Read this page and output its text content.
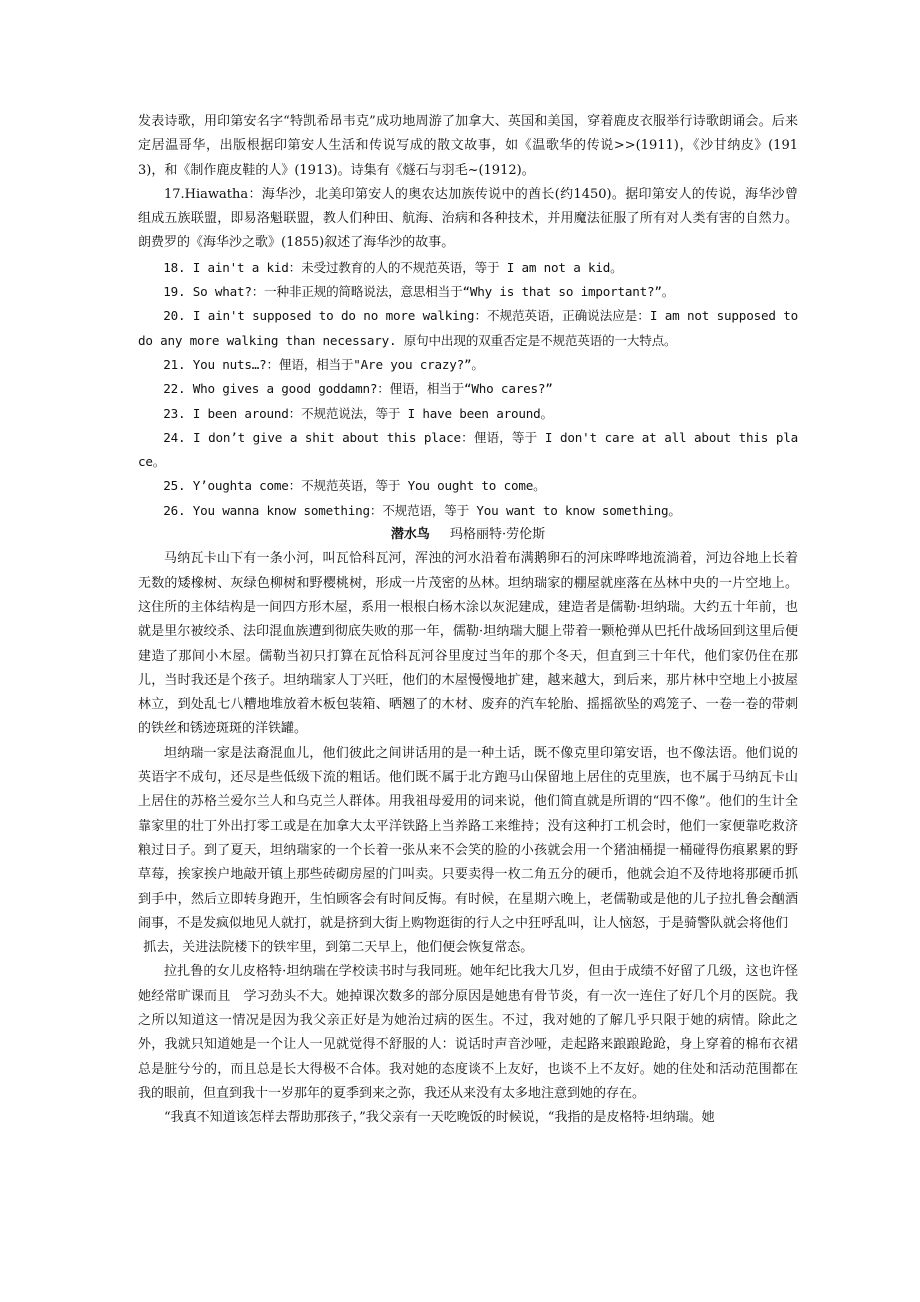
发表诗歌，用印第安名字“特凯希昂韦克”成功地周游了加拿大、英国和美国，穿着鹿皮衣服举行诗歌朗诵会。后来定居温哥华，出版根据印第安人生活和传说写成的散文故事，如《温歌华的传说>>(1911)，《沙甘纳皮》(1913)，和《制作鹿皮鞋的人》(1913)。诗集有《燧石与羽毛~(1912)。

17.Hiawatha：海华沙，北美印第安人的奥农达加族传说中的酋长(约1450)。据印第安人的传说，海华沙曾组成五族联盟，即易洛魁联盟，教人们种田、航海、治病和各种技术，并用魔法征服了所有对人类有害的自然力。朗费罗的《海华沙之歌》(1855)叙述了海华沙的故事。

18. I ain't a kid：未受过教育的人的不规范英语，等于 I am not a kid。

19. So what?：一种非正规的简略说法，意思相当于“Why is that so important?”。

20. I ain't supposed to do no more walking：不规范英语，正确说法应是：I am not supposed to do any more walking than necessary. 原句中出现的双重否定是不规范英语的一大特点。

21. You nuts…?：俚语，相当于"Are you crazy?”。

22. Who gives a good goddamn?：俚语，相当于“Who cares?”

23. I been around：不规范说法，等于 I have been around。

24. I don’t give a shit about this place：俚语，等于 I don't care at all about this place。

25. Y’oughta come：不规范英语，等于 You ought to come。

26. You wanna know something：不规范语，等于 You want to know something。

潜水鸟 玛格丽特·劳伦斯

马纳瓦卡山下有一条小河，叫瓦恰科瓦河，浑浊的河水沿着布满鹅卵石的河床哗哗地流淌着，河边谷地上长着无数的矮橡树、灰绿色柳树和野樱桃树，形成一片茂密的丛林。坦纳瑞家的棚屋就座落在丛林中央的一片空地上。这住所的主体结构是一间四方形木屋，系用一根根白杨木涂以灰泥建成，建造者是儒勒·坦纳瑞。大约五十年前，也就是里尔被绞杀、法印混血族遭到彻底失败的那一年，儒勒·坦纳瑞大腿上带着一颗枪弹从巴托什战场回到这里后便建造了那间小木屋。儒勒当初只打算在瓦恰科瓦河谷里度过当年的那个冬天，但直到三十年代，他们家仍住在那儿，当时我还是个孩子。坦纳瑞家人丁兴旺，他们的木屋慢慢地扩建，越来越大，到后来，那片林中空地上小披屋林立，到处乱七八糟地堆放着木板包装箱、晒翘了的木材、废弃的汽车轮胎、摇摇欲坠的鸡笼子、一卷一卷的带刺的铁丝和锈迹斑斑的洋铁罐。

坦纳瑞一家是法裔混血儿，他们彼此之间讲话用的是一种土话，既不像克里印第安语，也不像法语。他们说的英语字不成句，还尽是些低级下流的粗话。他们既不属于北方跑马山保留地上居住的克里族，也不属于马纳瓦卡山上居住的苏格兰爱尔兰人和乌克兰人群体。用我祖母爱用的词来说，他们简直就是所谓的“四不像”。他们的生计全靠家里的壮丁外出打零工或是在加拿大太平洋铁路上当养路工来维持；没有这种打工机会时，他们一家便靠吃救济粮过日子。到了夏天，坦纳瑞家的一个长着一张从来不会笑的脸的小孩就会用一个猪油桶提一桶碰得伤痕累累的野草莓，挨家挨户地敲开镇上那些砖砌房屋的门叫卖。只要卖得一枚二角五分的硬币，他就会迫不及待地将那硬币抓到手中，然后立即转身跑开，生怕顾客会有时间反悔。有时候，在星期六晚上，老儒勒或是他的儿子拉扎鲁会酗酒闹事，不是发疯似地见人就打，就是挤到大街上购物逛街的行人之中狂呼乱叫，让人恼怒，于是骑警队就会将他们

抓去，关进法院楼下的铁牢里，到第二天早上，他们便会恢复常态。

拉扎鲁的女儿皮格特·坦纳瑞在学校读书时与我同班。她年纪比我大几岁，但由于成绩不好留了几级，这也许怪她经常旷课而且　学习劲头不大。她掉课次数多的部分原因是她患有骨节炎，有一次一连住了好几个月的医院。我之所以知道这一情况是因为我父亲正好是为她治过病的医生。不过，我对她的了解几乎只限于她的病情。除此之外，我就只知道她是一个让人一见就觉得不舒服的人：说话时声音沙哑，走起路来踉踉跄跄，身上穿着的棉布衣裙总是脏兮兮的，而且总是长大得极不合体。我对她的态度谈不上友好，也谈不上不友好。她的住处和活动范围都在我的眼前，但直到我十一岁那年的夏季到来之弥，我还从来没有太多地注意到她的存在。

“我真不知道该怎样去帮助那孩子，”我父亲有一天吃晚饭的时候说，“我指的是皮格特·坦纳瑞。她
